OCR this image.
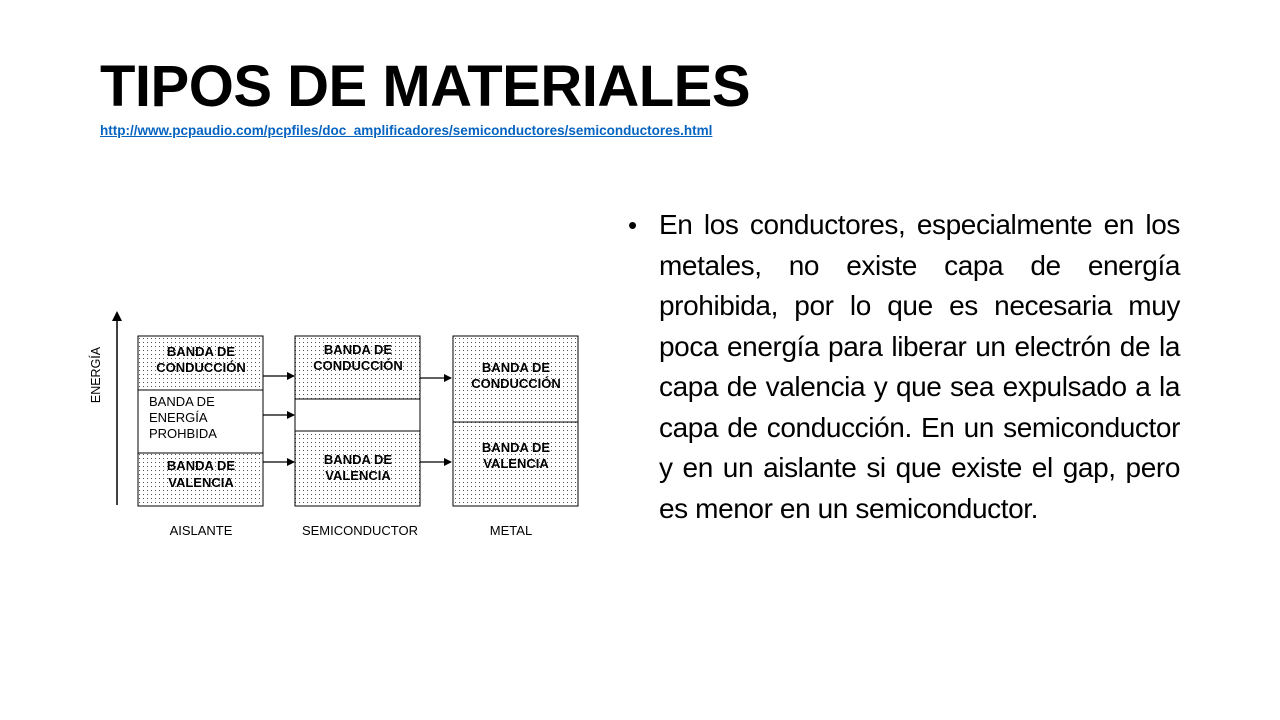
TIPOS DE MATERIALES
http://www.pcpaudio.com/pcpfiles/doc_amplificadores/semiconductores/semiconductores.html
ENERGÍA	BANDA DE
CONDUCCIÓN
BANDA DE
ENERGÍA
PROHBIDA
BANDA DE
VALENCIA
AISLANTE
BANDA DE
CONDUCCIÓN
BANDA DE
VALENCIA
SEMICONDUCTOR
BANDA DE
CONDUCCIÓN
BANDA DE
VALENCIA
METAL
• En los conductores, especialmente en los metales, no existe capa de energía prohibida, por lo que es necesaria muy poca energía para liberar un electrón de la capa de valencia y que sea expulsado a la capa de conducción. En un semiconductor y en un aislante si que existe el gap, pero es menor en un semiconductor.
